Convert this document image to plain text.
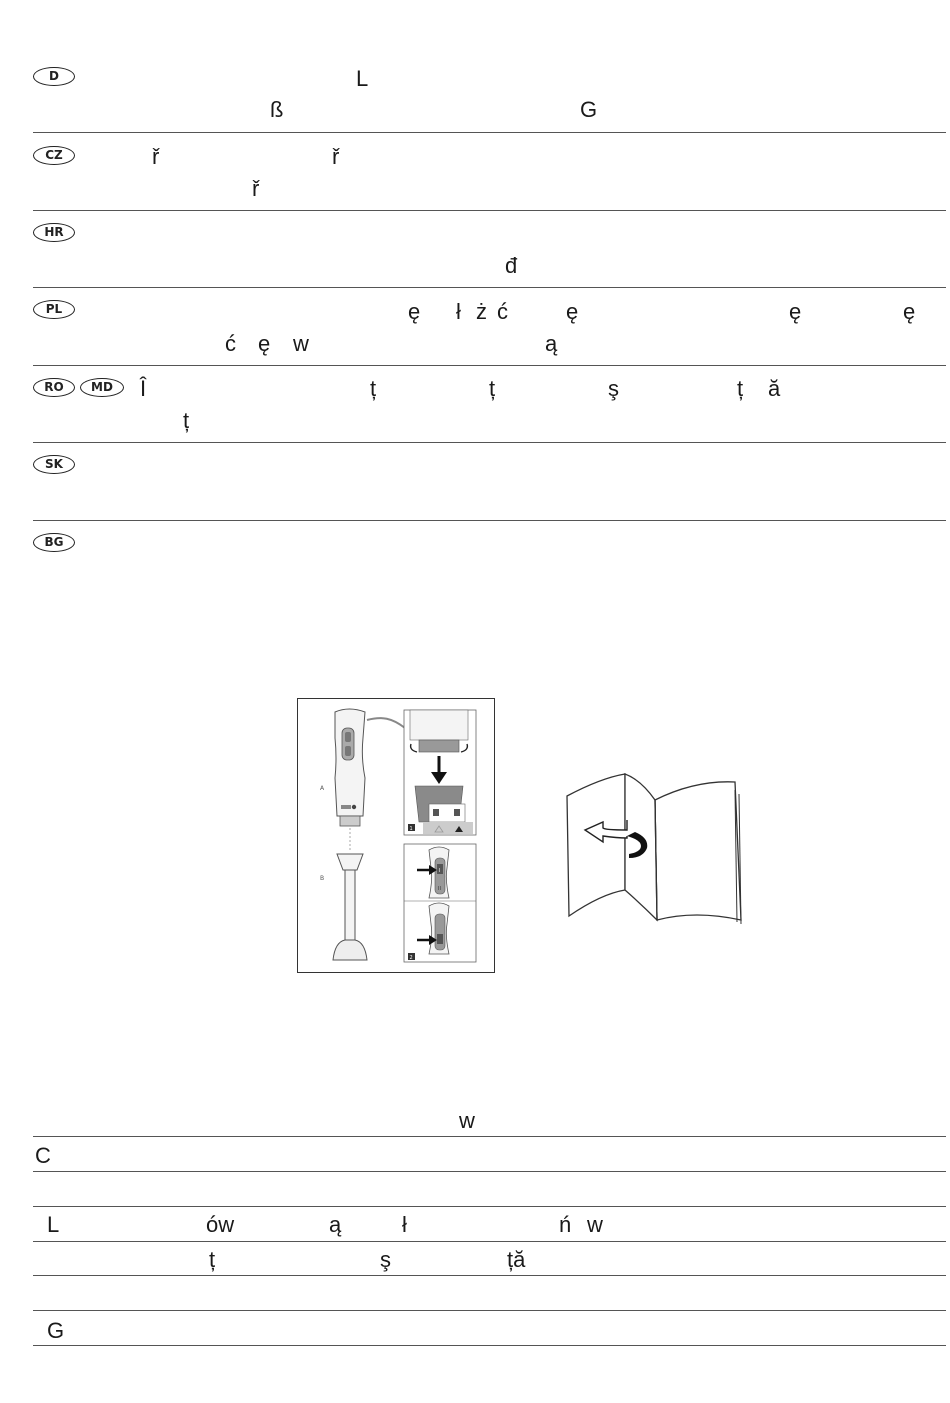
D	L
ß	G
CZ	ř	ř
ř
HR
đ
PL	ę ł ż ć	ę	ę	ę
ć ę w	ą
RO	MD	Î	ț	ț	ş	ț ă
ț
SK
BG
A
B
1
I
II
2
w
C
L	ów	ą	ł	ń w
ț	ş	ță
G
